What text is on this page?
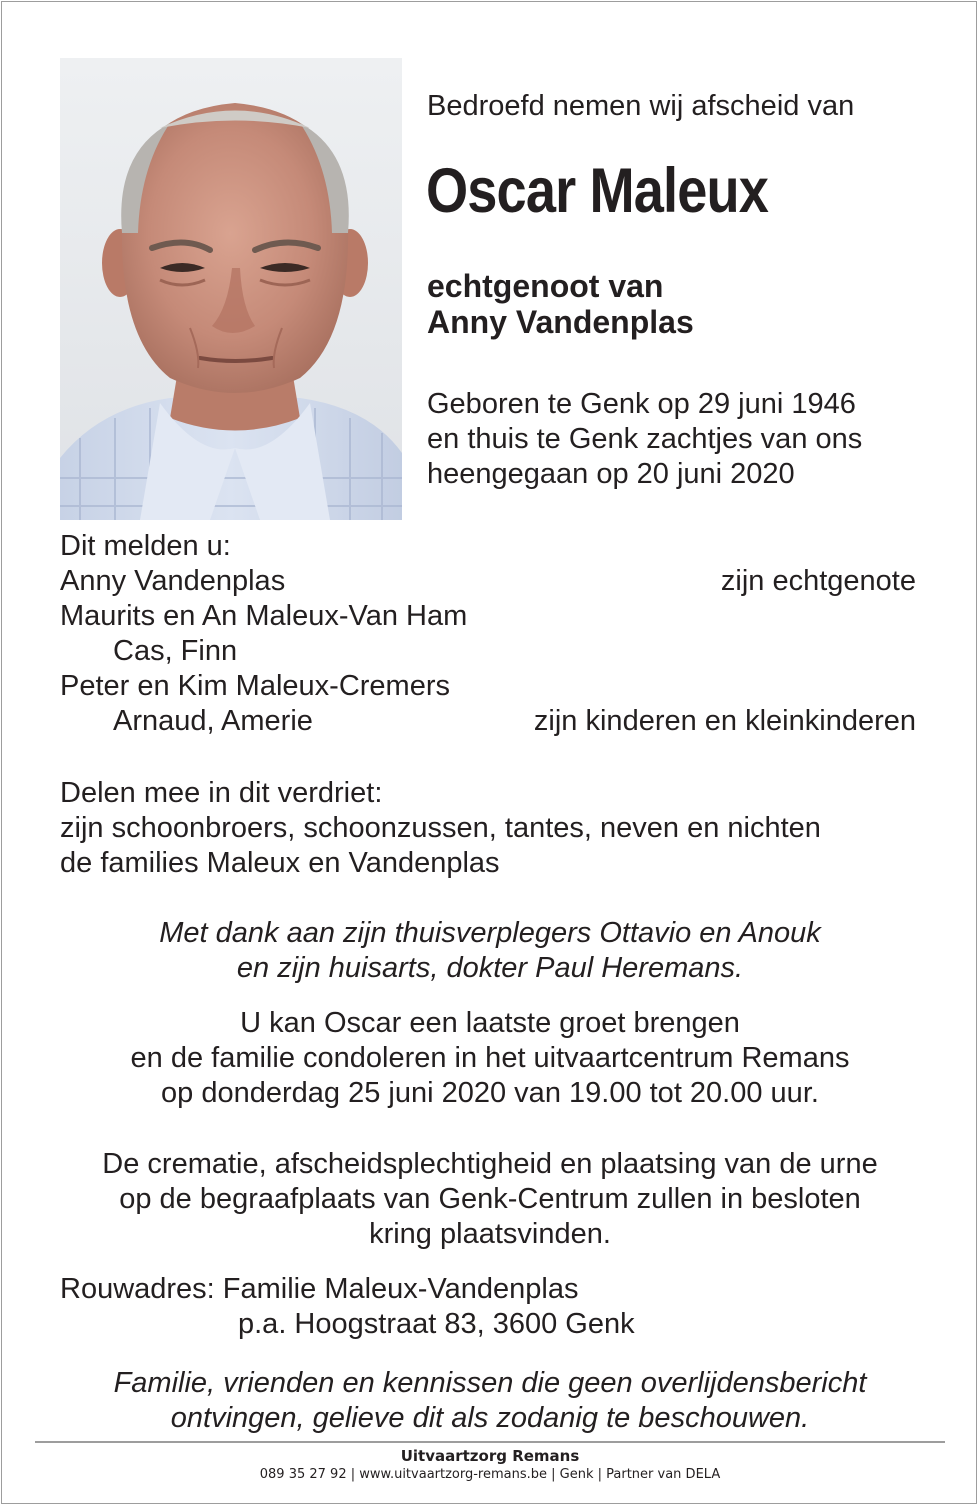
Bedroefd nemen wij afscheid van
Oscar Maleux
echtgenoot van
Anny Vandenplas
Geboren te Genk op 29 juni 1946
en thuis te Genk zachtjes van ons
heengegaan op 20 juni 2020
Dit melden u:
Anny Vandenplas	zijn echtgenote
Maurits en An Maleux-Van Ham
Cas, Finn
Peter en Kim Maleux-Cremers
Arnaud, Amerie	zijn kinderen en kleinkinderen
Delen mee in dit verdriet:
zijn schoonbroers, schoonzussen, tantes, neven en nichten
de families Maleux en Vandenplas
Met dank aan zijn thuisverplegers Ottavio en Anouk
en zijn huisarts, dokter Paul Heremans.
U kan Oscar een laatste groet brengen
en de familie condoleren in het uitvaartcentrum Remans
op donderdag 25 juni 2020 van 19.00 tot 20.00 uur.
De crematie, afscheidsplechtigheid en plaatsing van de urne
op de begraafplaats van Genk-Centrum zullen in besloten
kring plaatsvinden.
Rouwadres: Familie Maleux-Vandenplas
p.a. Hoogstraat 83, 3600 Genk
Familie, vrienden en kennissen die geen overlijdensbericht
ontvingen, gelieve dit als zodanig te beschouwen.
Uitvaartzorg Remans
089 35 27 92 | www.uitvaartzorg-remans.be | Genk | Partner van DELA
